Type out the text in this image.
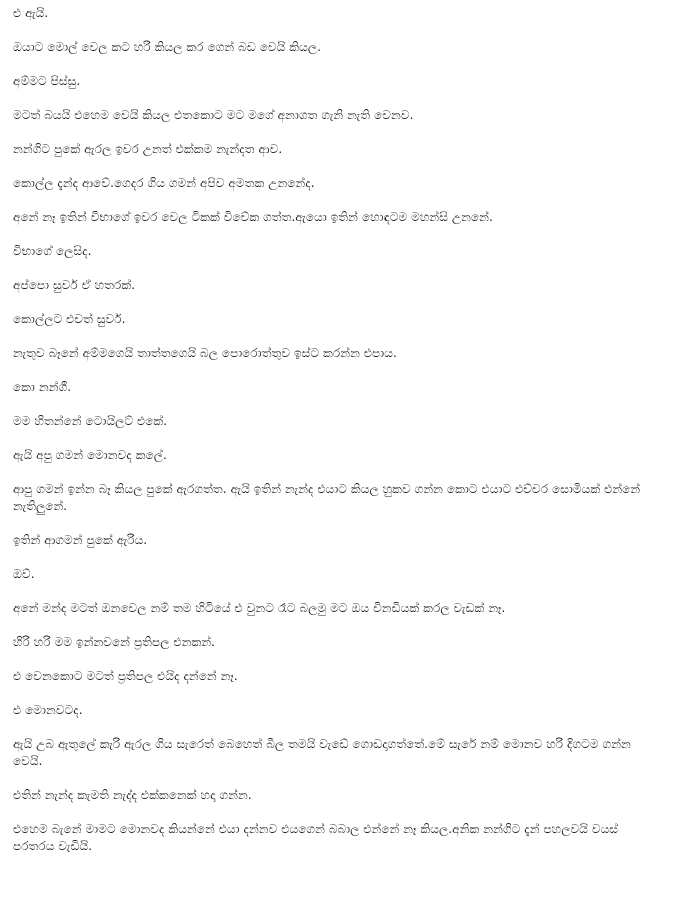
එ ඇයි.

ඔයාට මොල් වෙල කට හරි කියල කර ගෙන් බඩ වෙයි කියල.

අම්මට පිස්සු.

මටත් බයයි එහෙම වෙයි කියල එතකොට මට මගේ අනාගත ගැනි නැති වෙනව.

නන්ගිට පුකේ ඇරල ඉවර උනත් එක්කම නැන්දත ආව.

කොල්ල දැන්ද ආවේ.ගෙදර ගිය ගමන් අපිව අමතක උනනේද.

අනේ නෑ ඉතින් විභාගේ ඉවර වෙල ටිකක් විවේක ගත්ත.ඇයො ඉතින් හොඳටම මහන්සි උනනේ.

විභාගේ ලෙසිද.

අප්පො සුවර් ඒ හතරක්.

කොල්ලට එචත් සුවර්.

නැතුව බෑනේ අම්මගෙයි තාත්තගෙයි බල පොරොත්තුව ඉස්ට කරන්න එපාය.

කො නන්ගී.

මම හිතන්නේ ටොයිලට් එකේ.

ඇයි අපු ගමන් මොනවද කලේ.

ආපු ගමන් ඉන්න බෑ කියල පුකේ ඇරගත්ත. ඇයි ඉතින් නැන්ද එයාට කියල හුකව ගන්න කොට එයාට එච්චර සොමියක් එන්නේ නැතිලුනේ.

ඉතින් ආගමන් පුකේ ඇරිය.

ඔව්.

අනේ මන්ද මටත් ඔනවෙල නම් තම හිටියේ එ වුනට රෑට බලමු මට ඔය විනඩියක් කරල වැඩක් නෑ.

හිරි හරි මම ඉන්නවනේ ප්‍රතිපල එනකන්.

එ වෙනකොට මටත් ප්‍රතිපල එයිද දන්නේ නෑ.

එ මොනවටද.

ඇයි උබ ඇතුලේ කැරි ඇරල ගිය සැරෙත් බෙහෙත් බීල තමයි වැඩේ ගොඩදාගත්තේ.මේ සැරේ නම් මොනව හරි දිගටම ගන්න වෙයි.

එතින් නැන්ද කැමති නැද්ද එක්කනෙක් හදා ගන්න.

එහෙම බැනේ මාමට මොනවද කියන්නේ එයා දන්නව එයගෙන් බබාල එන්නේ නෑ කියල.අනික නන්ගිට දැන් පහලවයි වයස් පරතරය වැඩියි.
